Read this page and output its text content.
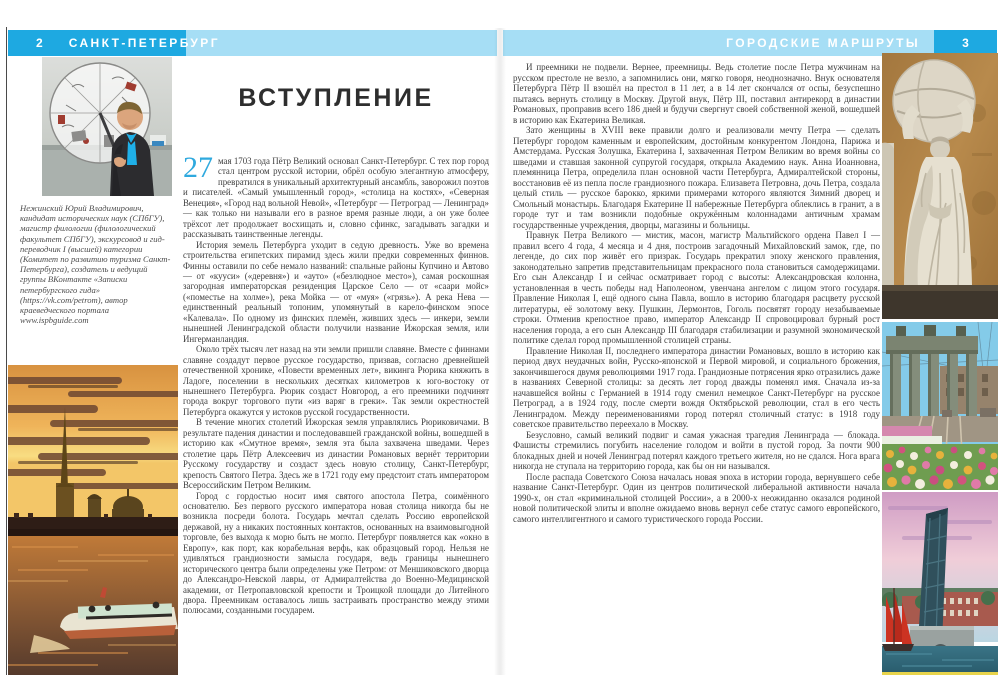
2 САНКТ-ПЕТЕРБУРГ	ГОРОДСКИЕ МАРШРУТЫ	3
Нежинский Юрий Владимирович, кандидат исторических наук (СПбГУ), магистр филологии (филологический факультет СПбГУ), экскурсовод и гид-переводчик I (высшей) категории (Комитет по развитию туризма Санкт-Петербурга), создатель и ведущий группы ВКонтакте «Записки петербургского гида» (https://vk.com/petrom), автор краеведческого портала www.ispbguide.com
ВСТУПЛЕНИЕ

27 мая 1703 года Пётр Великий основал Санкт-Петербург. С тех пор город стал центром русской истории, обрёл особую элегантную атмосферу, превратился в уникальный архитектурный ансамбль, заворожил поэтов и писателей. «Самый умышленный город», «столица на костях», «Северная Венеция», «Город над вольной Невой», «Петербург — Петроград — Ленинград» — как только ни называли его в разное время разные люди, а он уже более трёхсот лет продолжает восхищать и, словно сфинкс, загадывать загадки и рассказывать таинственные легенды.

История земель Петербурга уходит в седую древность. Уже во времена строительства египетских пирамид здесь жили предки современных финнов. Финны оставили по себе немало названий: спальные районы Купчино и Автово — от «кууси» («деревня») и «ауто» («безлюдное место»), самая роскошная загородная императорская резиденция Царское Село — от «саари мойс» («поместье на холме»), река Мойка — от «муя» («грязь»). А река Нева — единственный реальный топоним, упомянутый в карело-финском эпосе «Калевала». По одному из финских племён, живших здесь — инкери, земли нынешней Ленинградской области получили название Ижорская земля, или Ингерманландия.

Около трёх тысяч лет назад на эти земли пришли славяне. Вместе с финнами славяне создадут первое русское государство, призвав, согласно древнейшей отечественной хронике, «Повести временных лет», викинга Рюрика княжить в Ладоге, поселении в нескольких десятках километров к юго-востоку от нынешнего Петербурга. Рюрик создаст Новгород, а его преемники подчинят города вокруг торгового пути «из варяг в греки». Так земли окрестностей Петербурга окажутся у истоков русской государственности.

В течение многих столетий Ижорская земля управлялись Рюриковичами. В результате падения династии и последовавшей гражданской войны, вошедшей в историю как «Смутное время», земля эта была захвачена шведами. Через столетие царь Пётр Алексеевич из династии Романовых вернёт территории Русскому государству и создаст здесь новую столицу, Санкт-Петербург, крепость Святого Петра. Здесь же в 1721 году ему предстоит стать императором Всероссийским Петром Великим.

Город с гордостью носит имя святого апостола Петра, соимённого основателю. Без первого русского императора новая столица никогда бы не возникла посреди болота. Государь мечтал сделать Россию европейской державой, ну а никаких постоянных контактов, основанных на взаимовыгодной торговле, без выхода к морю быть не могло. Петербург появляется как «окно в Европу», как порт, как корабельная верфь, как образцовый город. Нельзя не удивляться грандиозности замысла государя, ведь границы нынешнего исторического центра были определены уже Петром: от Меншиковского дворца до Александро-Невской лавры, от Адмиралтейства до Военно-Медицинской академии, от Петропавловской крепости и Троицкой площади до Литейного двора. Преемникам оставалось лишь застраивать пространство между этими полюсами, созданными государем.

И преемники не подвели. Вернее, преемницы. Ведь столетие после Петра мужчинам на русском престоле не везло, а запомнились они, мягко говоря, неоднозначно. Внук основателя Петербурга Пётр II взошёл на престол в 11 лет, а в 14 лет скончался от оспы, безуспешно пытаясь вернуть столицу в Москву. Другой внук, Пётр III, поставил антирекорд в династии Романовых, проправив всего 186 дней и будучи свергнут своей собственной женой, вошедшей в историю как Екатерина Великая.

Зато женщины в XVIII веке правили долго и реализовали мечту Петра — сделать Петербург городом каменным и европейским, достойным конкурентом Лондона, Парижа и Амстердама. Русская Золушка, Екатерина I, захваченная Петром Великим во время войны со шведами и ставшая законной супругой государя, открыла Академию наук. Анна Иоанновна, племянница Петра, определила план основной части Петербурга, Адмиралтейской стороны, восстановив её из пепла после грандиозного пожара. Елизавета Петровна, дочь Петра, создала целый стиль — русское барокко, яркими примерами которого являются Зимний дворец и Смольный монастырь. Благодаря Екатерине II набережные Петербурга облеклись в гранит, а в городе тут и там возникли подобные окружённым колоннадами античным храмам государственные учреждения, дворцы, магазины и больницы.

Правнук Петра Великого — мистик, масон, магистр Мальтийского ордена Павел I — правил всего 4 года, 4 месяца и 4 дня, построив загадочный Михайловский замок, где, по легенде, до сих пор живёт его призрак. Государь прекратил эпоху женского правления, законодательно запретив представительницам прекрасного пола становиться самодержицами. Его сын Александр I и сейчас осматривает город с высоты: Александровская колонна, установленная в честь победы над Наполеоном, увенчана ангелом с лицом этого государя. Правление Николая I, ещё одного сына Павла, вошло в историю благодаря расцвету русской литературы, её золотому веку. Пушкин, Лермонтов, Гоголь посвятят городу незабываемые строки. Отменив крепостное право, император Александр II спровоцировал бурный рост населения города, а его сын Александр III благодаря стабилизации и разумной экономической политике сделал город промышленной столицей страны.

Правление Николая II, последнего императора династии Романовых, вошло в историю как период двух неудачных войн, Русско-японской и Первой мировой, и социального брожения, закончившегося двумя революциями 1917 года. Грандиозные потрясения ярко отразились даже в названиях Северной столицы: за десять лет город дважды поменял имя. Сначала из-за начавшейся войны с Германией в 1914 году сменил немецкое Санкт-Петербург на русское Петроград, а в 1924 году, после смерти вождя Октябрьской революции, стал в его честь Ленинградом. Между переименованиями город потерял столичный статус: в 1918 году советское правительство переехало в Москву.

Безусловно, самый великий подвиг и самая ужасная трагедия Ленинграда — блокада. Фашисты стремились погубить население голодом и войти в пустой город. За почти 900 блокадных дней и ночей Ленинград потерял каждого третьего жителя, но не сдался. Нога врага никогда не ступала на территорию города, как бы он ни назывался.

После распада Советского Союза началась новая эпоха в истории города, вернувшего себе название Санкт-Петербург. Один из центров политической либеральной активности начала 1990-х, он стал «криминальной столицей России», а в 2000-х неожиданно оказался родиной новой политической элиты и вполне ожидаемо вновь вернул себе статус самого европейского, самого интеллигентного и самого туристического города России.
